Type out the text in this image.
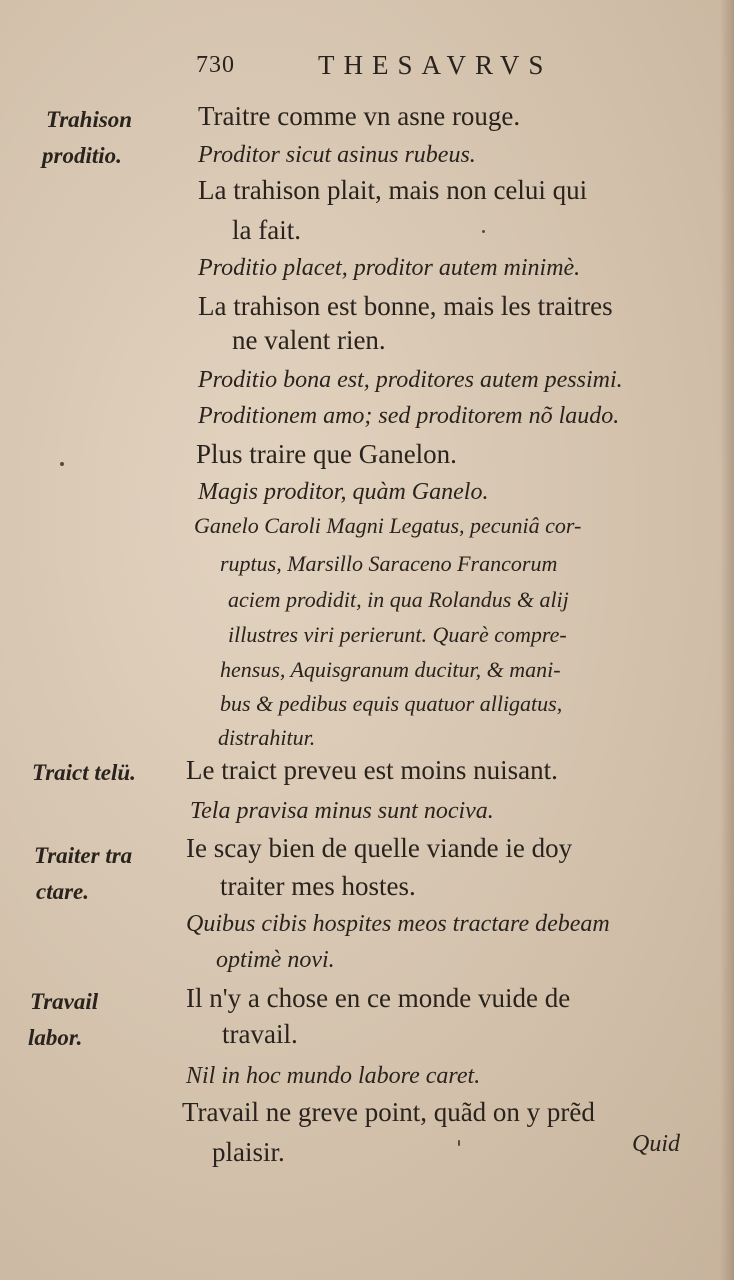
730	THESAVRVS
Trahison
proditio.
Traict telü.
Traiter tra
ctare.
Travail
labor.
Traitre comme vn asne rouge.
Proditor sicut asinus rubeus.
La trahison plait, mais non celui qui
la fait.
Proditio placet, proditor autem minimè.
La trahison est bonne, mais les traitres
ne valent rien.
Proditio bona est, proditores autem pessimi.
Proditionem amo; sed proditorem nõ laudo.
Plus traire que Ganelon.
Magis proditor, quàm Ganelo.
Ganelo Caroli Magni Legatus, pecuniâ cor-
ruptus, Marsillo Saraceno Francorum
aciem prodidit, in qua Rolandus & alij
illustres viri perierunt. Quarè compre-
hensus, Aquisgranum ducitur, & mani-
bus & pedibus equis quatuor alligatus,
distrahitur.
Le traict preveu est moins nuisant.
Tela pravisa minus sunt nociva.
Ie scay bien de quelle viande ie doy
traiter mes hostes.
Quibus cibis hospites meos tractare debeam
optimè novi.
Il n'y a chose en ce monde vuide de
travail.
Nil in hoc mundo labore caret.
Travail ne greve point, quãd on y prẽd
plaisir.	Quid
